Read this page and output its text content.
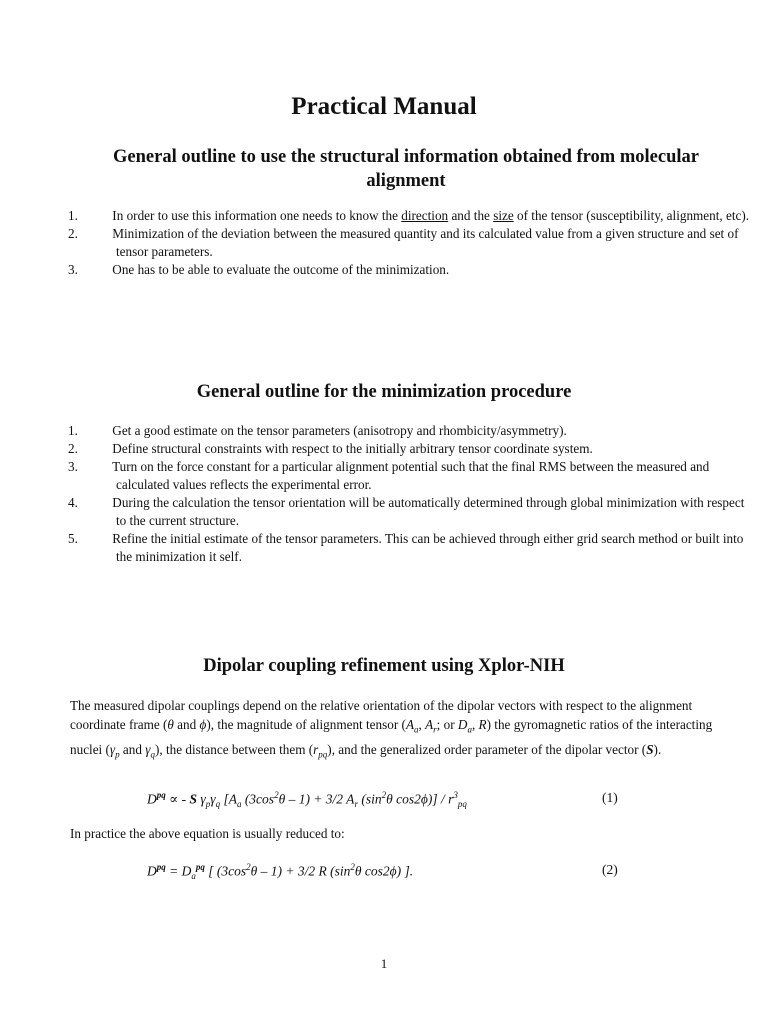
Practical Manual
General outline to use the structural information obtained from molecular alignment
1.	In order to use this information one needs to know the direction and the size of the tensor (susceptibility, alignment, etc).
2.	Minimization of the deviation between the measured quantity and its calculated value from a given structure and set of tensor parameters.
3.	One has to be able to evaluate the outcome of the minimization.
General outline for the minimization procedure
1.	Get a good estimate on the tensor parameters (anisotropy and rhombicity/asymmetry).
2.	Define structural constraints with respect to the initially arbitrary tensor coordinate system.
3.	Turn on the force constant for a particular alignment potential such that the final RMS between the measured and calculated values reflects the experimental error.
4.	During the calculation the tensor orientation will be automatically determined through global minimization with respect to the current structure.
5.	Refine the initial estimate of the tensor parameters. This can be achieved through either grid search method or built into the minimization it self.
Dipolar coupling refinement using Xplor-NIH

The measured dipolar couplings depend on the relative orientation of the dipolar vectors with respect to the alignment coordinate frame (θ and ϕ), the magnitude of alignment tensor ($A_a$, $A_r$; or $D_a$, R) the gyromagnetic ratios of the interacting nuclei ($\gamma_p$ and $\gamma_q$), the distance between them $(r_{pq})$, and the generalized order parameter of the dipolar vector (S).

$D^{pq}$ ∝ - S $\gamma_p\gamma_q$ [$A_a$ $(3\cos^2\theta - 1) + 3/2$ $A_r$ ($\sin^2\theta$ $\cos 2\phi)] / r^3_{pq}$	(1)
In practice the above equation is usually reduced to:
$D^{pq} = D_a^{pq}$ [ $(3\cos^2\theta - 1) + 3/2$ R ($\sin^2\theta$ cos2ϕ) ].	(2)
1
